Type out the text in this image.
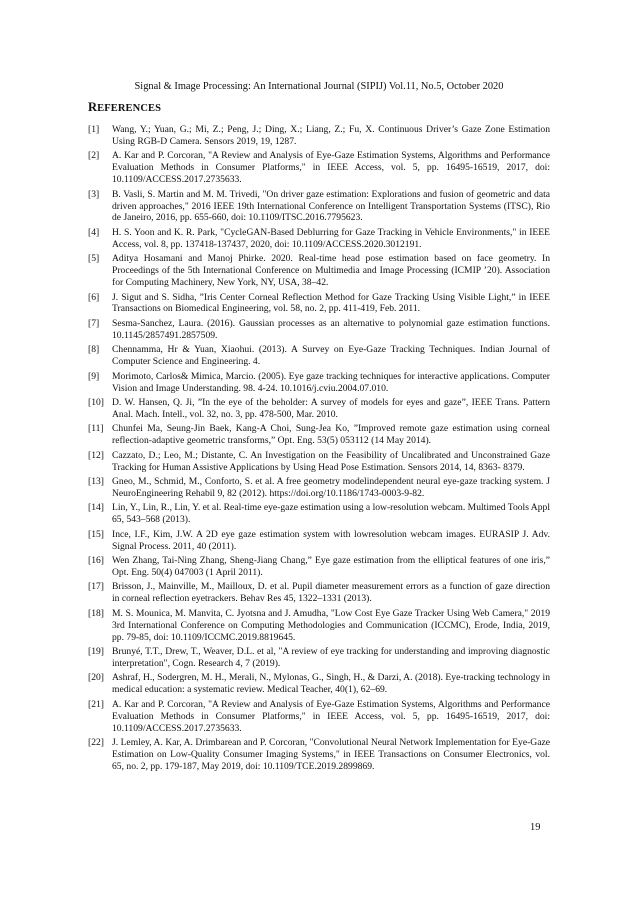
Signal & Image Processing: An International Journal (SIPIJ) Vol.11, No.5, October 2020
REFERENCES
[1]	Wang, Y.; Yuan, G.; Mi, Z.; Peng, J.; Ding, X.; Liang, Z.; Fu, X. Continuous Driver’s Gaze Zone Estimation Using RGB-D Camera. Sensors 2019, 19, 1287.
[2]	A. Kar and P. Corcoran, "A Review and Analysis of Eye-Gaze Estimation Systems, Algorithms and Performance Evaluation Methods in Consumer Platforms," in IEEE Access, vol. 5, pp. 16495-16519, 2017, doi: 10.1109/ACCESS.2017.2735633.
[3]	B. Vasli, S. Martin and M. M. Trivedi, "On driver gaze estimation: Explorations and fusion of geometric and data driven approaches," 2016 IEEE 19th International Conference on Intelligent Transportation Systems (ITSC), Rio de Janeiro, 2016, pp. 655-660, doi: 10.1109/ITSC.2016.7795623.
[4]	H. S. Yoon and K. R. Park, "CycleGAN-Based Deblurring for Gaze Tracking in Vehicle Environments," in IEEE Access, vol. 8, pp. 137418-137437, 2020, doi: 10.1109/ACCESS.2020.3012191.
[5]	Aditya Hosamani and Manoj Phirke. 2020. Real-time head pose estimation based on face geometry. In Proceedings of the 5th International Conference on Multimedia and Image Processing (ICMIP ’20). Association for Computing Machinery, New York, NY, USA, 38–42.
[6]	J. Sigut and S. Sidha, ”Iris Center Corneal Reflection Method for Gaze Tracking Using Visible Light,” in IEEE Transactions on Biomedical Engineering, vol. 58, no. 2, pp. 411-419, Feb. 2011.
[7]	Sesma-Sanchez, Laura. (2016). Gaussian processes as an alternative to polynomial gaze estimation functions. 10.1145/2857491.2857509.
[8]	Chennamma, Hr & Yuan, Xiaohui. (2013). A Survey on Eye-Gaze Tracking Techniques. Indian Journal of Computer Science and Engineering. 4.
[9]	Morimoto, Carlos& Mimica, Marcio. (2005). Eye gaze tracking techniques for interactive applications. Computer Vision and Image Understanding. 98. 4-24. 10.1016/j.cviu.2004.07.010.
[10] D. W. Hansen, Q. Ji, ”In the eye of the beholder: A survey of models for eyes and gaze”, IEEE Trans. Pattern Anal. Mach. Intell., vol. 32, no. 3, pp. 478-500, Mar. 2010.
[11] Chunfei Ma, Seung-Jin Baek, Kang-A Choi, Sung-Jea Ko, ”Improved remote gaze estimation using corneal reflection-adaptive geometric transforms,” Opt. Eng. 53(5) 053112 (14 May 2014).
[12] Cazzato, D.; Leo, M.; Distante, C. An Investigation on the Feasibility of Uncalibrated and Unconstrained Gaze Tracking for Human Assistive Applications by Using Head Pose Estimation. Sensors 2014, 14, 8363- 8379.
[13] Gneo, M., Schmid, M., Conforto, S. et al. A free geometry modelindependent neural eye-gaze tracking system. J NeuroEngineering Rehabil 9, 82 (2012). https://doi.org/10.1186/1743-0003-9-82.
[14] Lin, Y., Lin, R., Lin, Y. et al. Real-time eye-gaze estimation using a low-resolution webcam. Multimed Tools Appl 65, 543–568 (2013).
[15] Ince, I.F., Kim, J.W. A 2D eye gaze estimation system with lowresolution webcam images. EURASIP J. Adv. Signal Process. 2011, 40 (2011).
[16] Wen Zhang, Tai-Ning Zhang, Sheng-Jiang Chang,” Eye gaze estimation from the elliptical features of one iris,” Opt. Eng. 50(4) 047003 (1 April 2011).
[17] Brisson, J., Mainville, M., Mailloux, D. et al. Pupil diameter measurement errors as a function of gaze direction in corneal reflection eyetrackers. Behav Res 45, 1322–1331 (2013).
[18] M. S. Mounica, M. Manvita, C. Jyotsna and J. Amudha, "Low Cost Eye Gaze Tracker Using Web Camera," 2019 3rd International Conference on Computing Methodologies and Communication (ICCMC), Erode, India, 2019, pp. 79-85, doi: 10.1109/ICCMC.2019.8819645.
[19] Brunyé, T.T., Drew, T., Weaver, D.L. et al, "A review of eye tracking for understanding and improving diagnostic interpretation", Cogn. Research 4, 7 (2019).
[20] Ashraf, H., Sodergren, M. H., Merali, N., Mylonas, G., Singh, H., & Darzi, A. (2018). Eye-tracking technology in medical education: a systematic review. Medical Teacher, 40(1), 62–69.
[21] A. Kar and P. Corcoran, "A Review and Analysis of Eye-Gaze Estimation Systems, Algorithms and Performance Evaluation Methods in Consumer Platforms," in IEEE Access, vol. 5, pp. 16495-16519, 2017, doi: 10.1109/ACCESS.2017.2735633.
[22] J. Lemley, A. Kar, A. Drimbarean and P. Corcoran, "Convolutional Neural Network Implementation for Eye-Gaze Estimation on Low-Quality Consumer Imaging Systems," in IEEE Transactions on Consumer Electronics, vol. 65, no. 2, pp. 179-187, May 2019, doi: 10.1109/TCE.2019.2899869.
19
